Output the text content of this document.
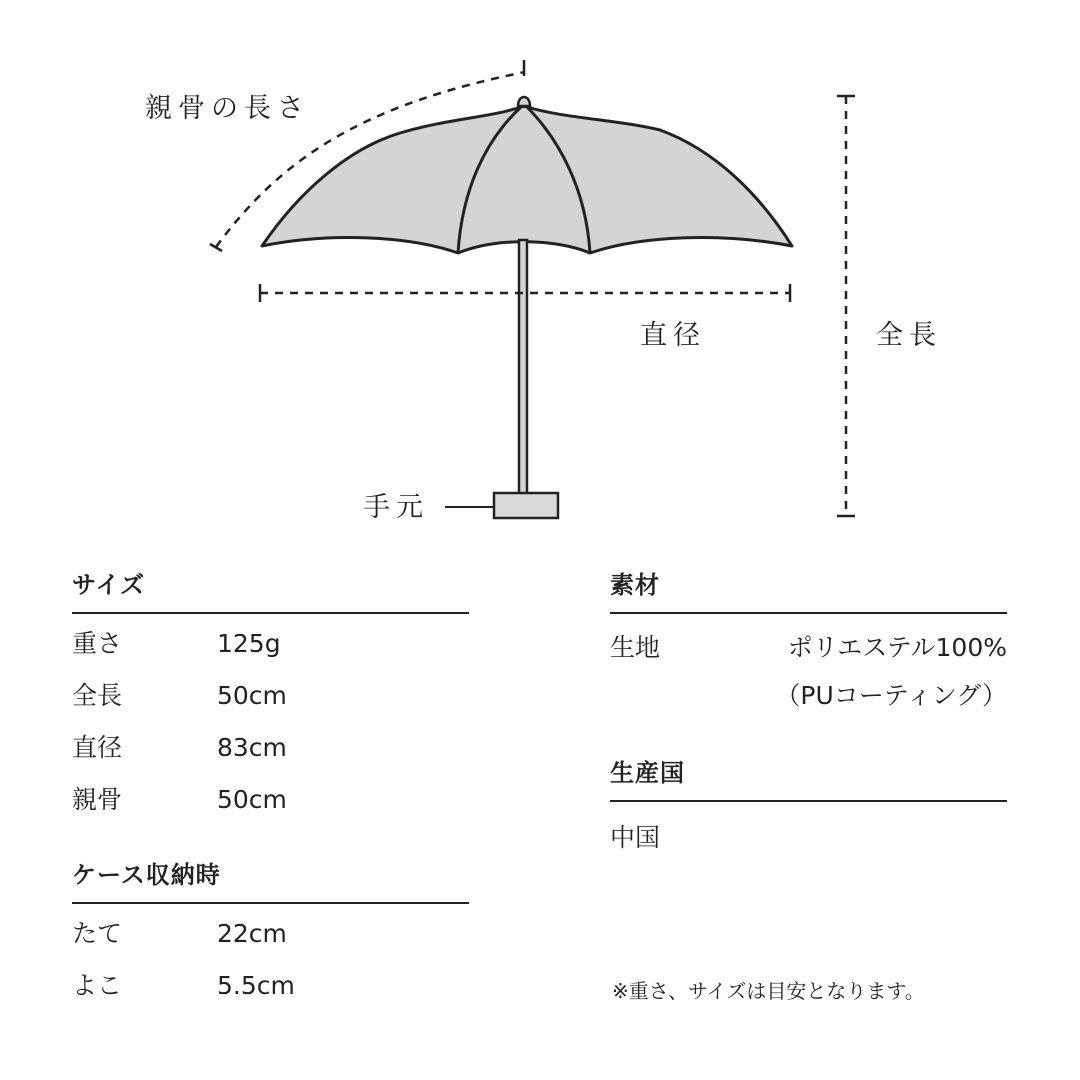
親骨の長さ
直径	全長
手元
サイズ
重さ	125g
全長	50cm
直径	83cm
親骨	50cm
ケース収納時
たて	22cm
よこ	5.5cm
素材
生地	ポリエステル100%
（PUコーティング）
生産国
中国
※重さ、サイズは目安となります。
